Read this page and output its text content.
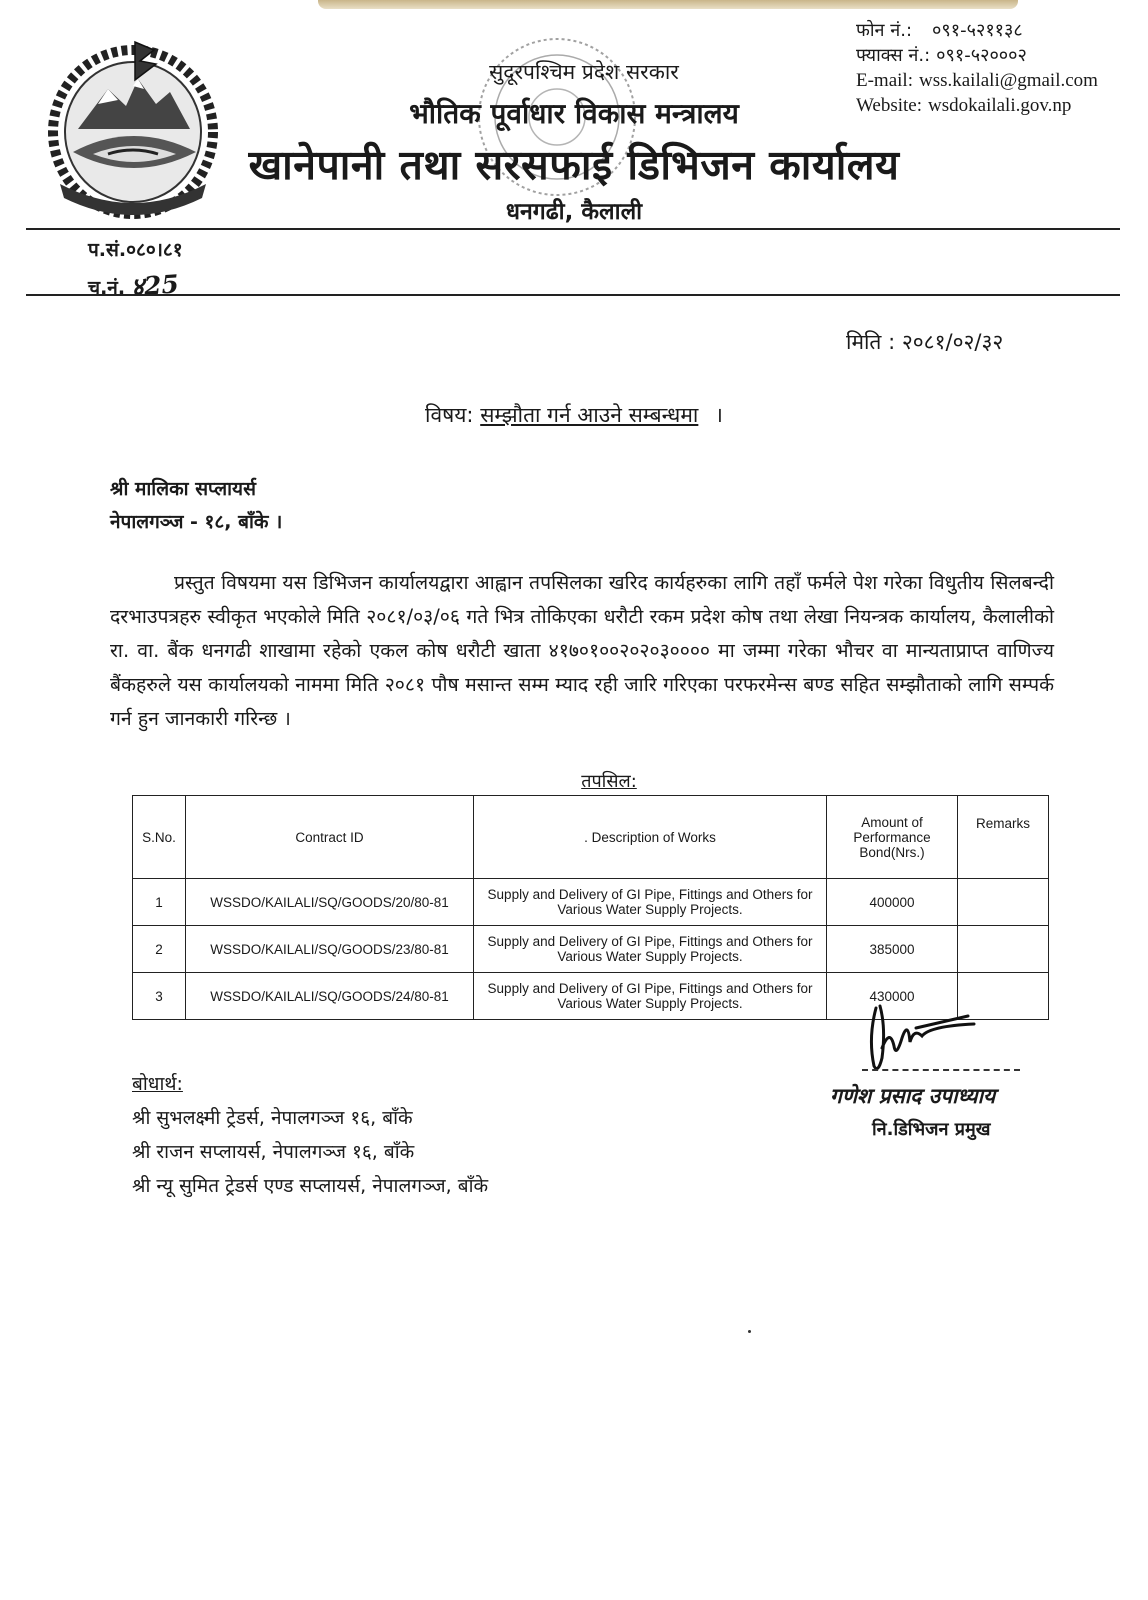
सुदूरपश्चिम प्रदेश सरकार
भौतिक पूर्वाधार विकास मन्त्रालय
खानेपानी तथा सरसफाई डिभिजन कार्यालय
धनगढी, कैलाली
फोन नं.: ०९१-५२११३८
फ्याक्स नं.: ०९१-५२०००२
E-mail: wss.kailali@gmail.com
Website: wsdokailali.gov.np
प.सं.०८०।८१
च.नं. ४25
मिति : २०८१/०२/३२
विषय: सम्झौता गर्न आउने सम्बन्धमा ।
श्री मालिका सप्लायर्स
नेपालगञ्ज - १८, बाँके ।
प्रस्तुत विषयमा यस डिभिजन कार्यालयद्वारा आह्वान तपसिलका खरिद कार्यहरुका लागि तहाँ फर्मले पेश गरेका विधुतीय सिलबन्दी दरभाउपत्रहरु स्वीकृत भएकोले मिति २०८१/०३/०६ गते भित्र तोकिएका धरौटी रकम प्रदेश कोष तथा लेखा नियन्त्रक कार्यालय, कैलालीको रा. वा. बैंक धनगढी शाखामा रहेको एकल कोष धरौटी खाता ४१७०१००२०२०३०००० मा जम्मा गरेका भौचर वा मान्यताप्राप्त वाणिज्य बैंकहरुले यस कार्यालयको नाममा मिति २०८१ पौष मसान्त सम्म म्याद रही जारि गरिएका परफरमेन्स बण्ड सहित सम्झौताको लागि सम्पर्क गर्न हुन जानकारी गरिन्छ ।
तपसिल:
S.No.	Contract ID	. Description of Works	Amount of Performance Bond(Nrs.)	Remarks
1	WSSDO/KAILALI/SQ/GOODS/20/80-81	Supply and Delivery of GI Pipe, Fittings and Others for Various Water Supply Projects.	400000	
2	WSSDO/KAILALI/SQ/GOODS/23/80-81	Supply and Delivery of GI Pipe, Fittings and Others for Various Water Supply Projects.	385000	
3	WSSDO/KAILALI/SQ/GOODS/24/80-81	Supply and Delivery of GI Pipe, Fittings and Others for Various Water Supply Projects.	430000	
गणेश प्रसाद उपाध्याय
नि.डिभिजन प्रमुख
बोधार्थ:
श्री सुभलक्ष्मी ट्रेडर्स, नेपालगञ्ज १६, बाँके
श्री राजन सप्लायर्स, नेपालगञ्ज १६, बाँके
श्री न्यू सुमित ट्रेडर्स एण्ड सप्लायर्स, नेपालगञ्ज, बाँके
